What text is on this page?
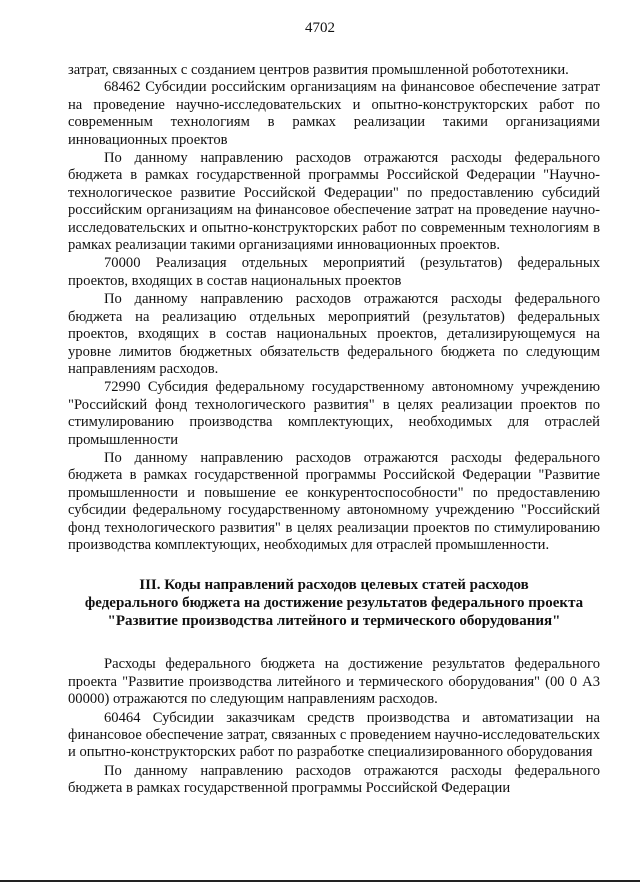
4702

затрат, связанных с созданием центров развития промышленной робототехники.

68462 Субсидии российским организациям на финансовое обеспечение затрат на проведение научно-исследовательских и опытно-конструкторских работ по современным технологиям в рамках реализации такими организациями инновационных проектов

По данному направлению расходов отражаются расходы федерального бюджета в рамках государственной программы Российской Федерации "Научно-технологическое развитие Российской Федерации" по предоставлению субсидий российским организациям на финансовое обеспечение затрат на проведение научно-исследовательских и опытно-конструкторских работ по современным технологиям в рамках реализации такими организациями инновационных проектов.

70000 Реализация отдельных мероприятий (результатов) федеральных проектов, входящих в состав национальных проектов

По данному направлению расходов отражаются расходы федерального бюджета на реализацию отдельных мероприятий (результатов) федеральных проектов, входящих в состав национальных проектов, детализирующемуся на уровне лимитов бюджетных обязательств федерального бюджета по следующим направлениям расходов.

72990 Субсидия федеральному государственному автономному учреждению "Российский фонд технологического развития" в целях реализации проектов по стимулированию производства комплектующих, необходимых для отраслей промышленности

По данному направлению расходов отражаются расходы федерального бюджета в рамках государственной программы Российской Федерации "Развитие промышленности и повышение ее конкурентоспособности" по предоставлению субсидии федеральному государственному автономному учреждению "Российский фонд технологического развития" в целях реализации проектов по стимулированию производства комплектующих, необходимых для отраслей промышленности.

III. Коды направлений расходов целевых статей расходов
федерального бюджета на достижение результатов федерального проекта
"Развитие производства литейного и термического оборудования"

Расходы федерального бюджета на достижение результатов федерального проекта "Развитие производства литейного и термического оборудования" (00 0 А3 00000) отражаются по следующим направлениям расходов.

60464 Субсидии заказчикам средств производства и автоматизации на финансовое обеспечение затрат, связанных с проведением научно-исследовательских и опытно-конструкторских работ по разработке специализированного оборудования

По данному направлению расходов отражаются расходы федерального бюджета в рамках государственной программы Российской Федерации
